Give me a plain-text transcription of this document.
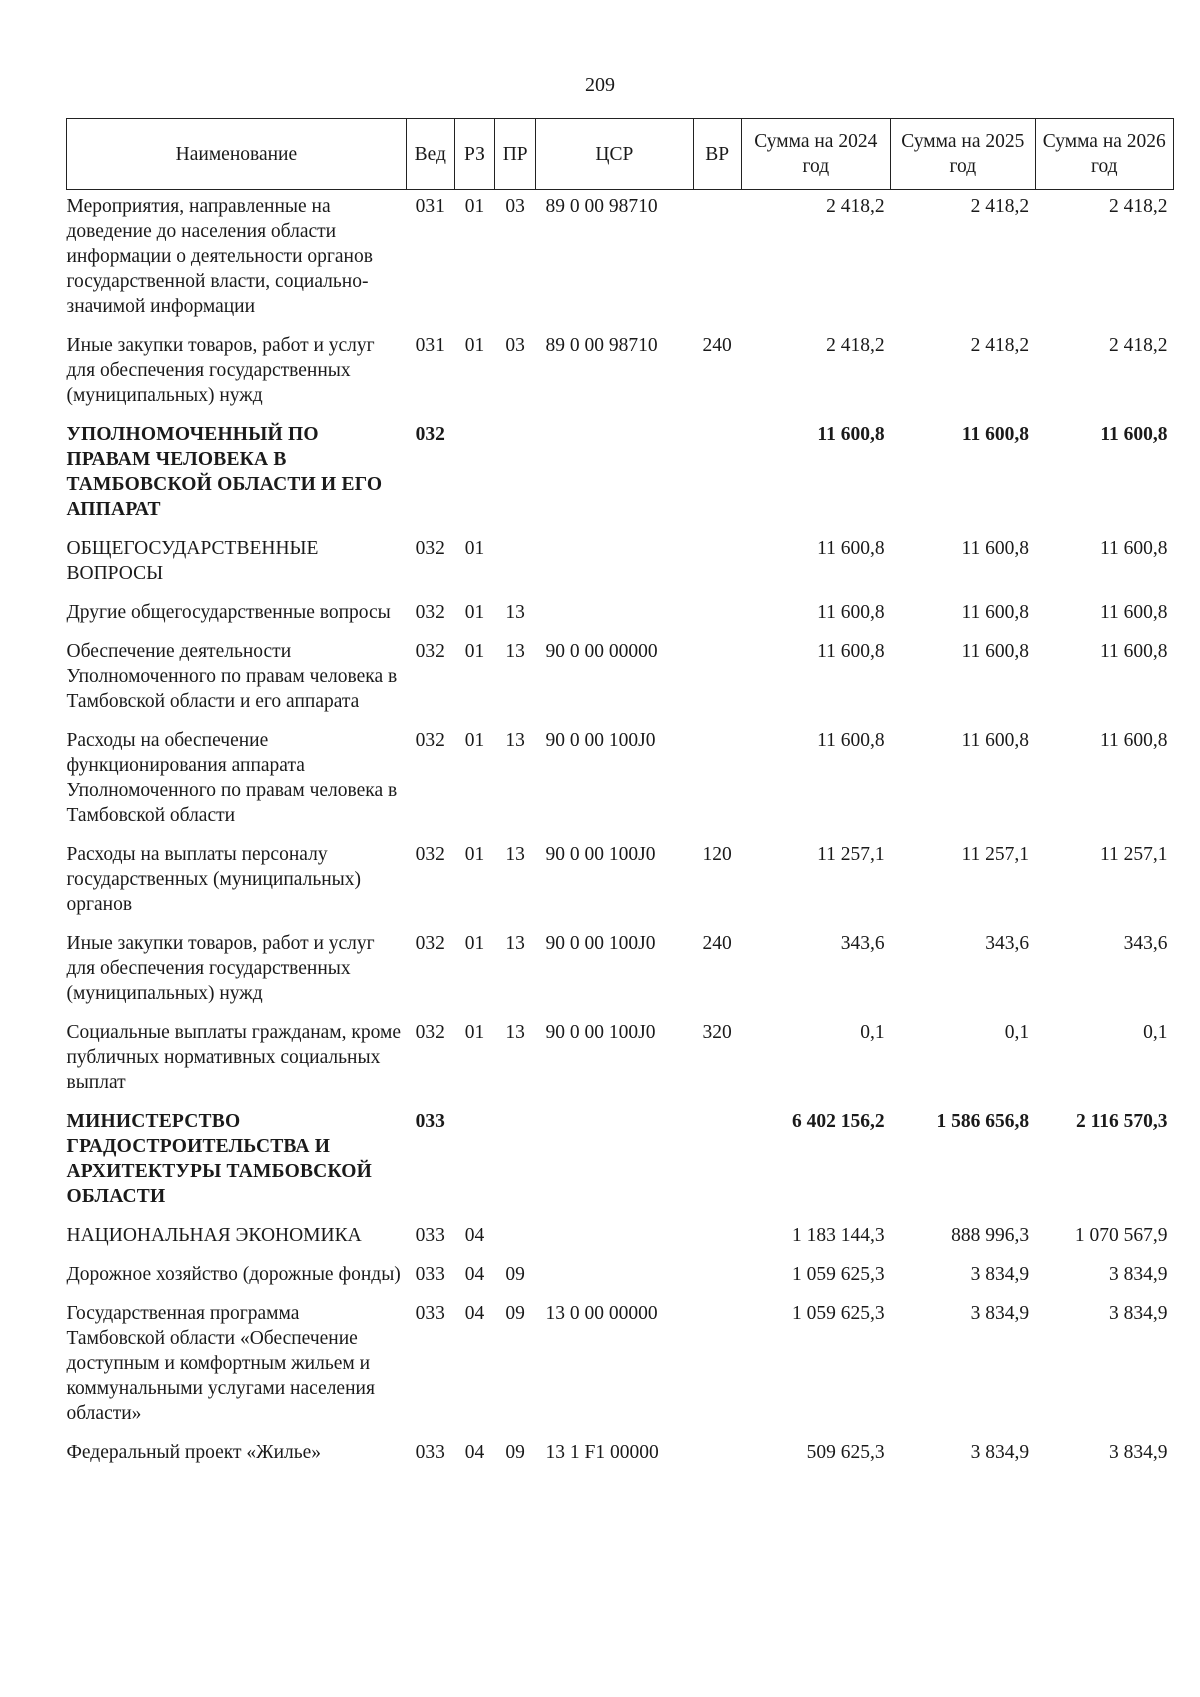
209
Наименование	Вед	РЗ	ПР	ЦСР	ВР	Сумма на 2024 год	Сумма на 2025 год	Сумма на 2026 год
Мероприятия, направленные на доведение до населения области информации о деятельности органов государственной власти, социально-значимой информации	031	01	03	89 0 00 98710		2 418,2	2 418,2	2 418,2
Иные закупки товаров, работ и услуг для обеспечения государственных (муниципальных) нужд	031	01	03	89 0 00 98710	240	2 418,2	2 418,2	2 418,2
УПОЛНОМОЧЕННЫЙ ПО ПРАВАМ ЧЕЛОВЕКА В ТАМБОВСКОЙ ОБЛАСТИ И ЕГО АППАРАТ	032					11 600,8	11 600,8	11 600,8
ОБЩЕГОСУДАРСТВЕННЫЕ ВОПРОСЫ	032	01				11 600,8	11 600,8	11 600,8
Другие общегосударственные вопросы	032	01	13			11 600,8	11 600,8	11 600,8
Обеспечение деятельности Уполномоченного по правам человека в Тамбовской области и его аппарата	032	01	13	90 0 00 00000		11 600,8	11 600,8	11 600,8
Расходы на обеспечение функционирования аппарата Уполномоченного по правам человека в Тамбовской области	032	01	13	90 0 00 100J0		11 600,8	11 600,8	11 600,8
Расходы на выплаты персоналу государственных (муниципальных) органов	032	01	13	90 0 00 100J0	120	11 257,1	11 257,1	11 257,1
Иные закупки товаров, работ и услуг для обеспечения государственных (муниципальных) нужд	032	01	13	90 0 00 100J0	240	343,6	343,6	343,6
Социальные выплаты гражданам, кроме публичных нормативных социальных выплат	032	01	13	90 0 00 100J0	320	0,1	0,1	0,1
МИНИСТЕРСТВО ГРАДОСТРОИТЕЛЬСТВА И АРХИТЕКТУРЫ ТАМБОВСКОЙ ОБЛАСТИ	033					6 402 156,2	1 586 656,8	2 116 570,3
НАЦИОНАЛЬНАЯ ЭКОНОМИКА	033	04				1 183 144,3	888 996,3	1 070 567,9
Дорожное хозяйство (дорожные фонды)	033	04	09			1 059 625,3	3 834,9	3 834,9
Государственная программа Тамбовской области «Обеспечение доступным и комфортным жильем и коммунальными услугами населения области»	033	04	09	13 0 00 00000		1 059 625,3	3 834,9	3 834,9
Федеральный проект «Жилье»	033	04	09	13 1 F1 00000		509 625,3	3 834,9	3 834,9
